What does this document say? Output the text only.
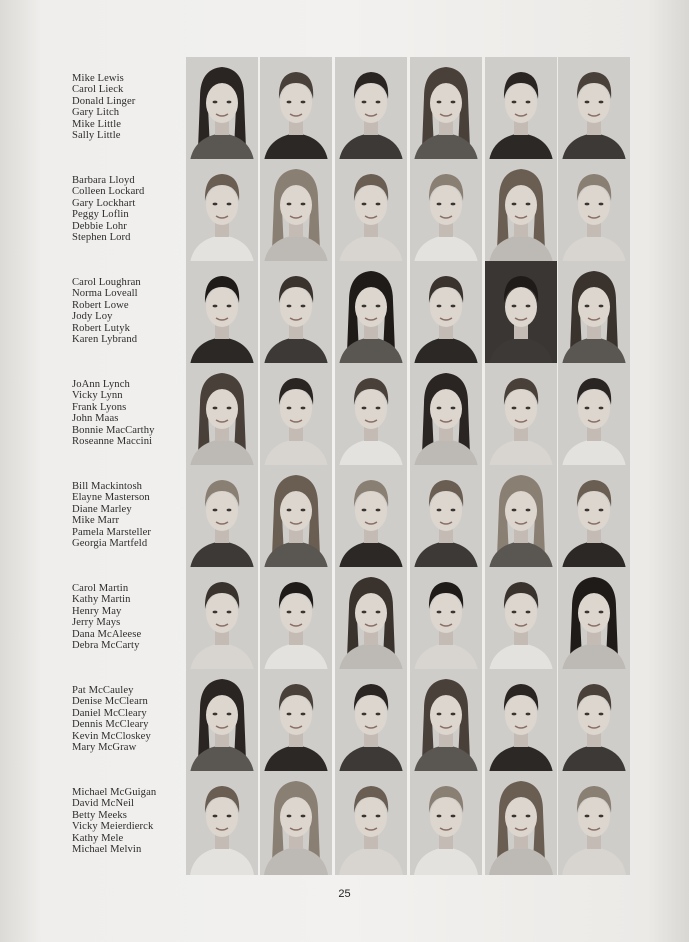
Mike Lewis
Carol Lieck
Donald Linger
Gary Litch
Mike Little
Sally Little
Barbara Lloyd
Colleen Lockard
Gary Lockhart
Peggy Loflin
Debbie Lohr
Stephen Lord
Carol Loughran
Norma Loveall
Robert Lowe
Jody Loy
Robert Lutyk
Karen Lybrand
JoAnn Lynch
Vicky Lynn
Frank Lyons
John Maas
Bonnie MacCarthy
Roseanne Maccini
Bill Mackintosh
Elayne Masterson
Diane Marley
Mike Marr
Pamela Marsteller
Georgia Martfeld
Carol Martin
Kathy Martin
Henry May
Jerry Mays
Dana McAleese
Debra McCarty
Pat McCauley
Denise McClearn
Daniel McCleary
Dennis McCleary
Kevin McCloskey
Mary McGraw
Michael McGuigan
David McNeil
Betty Meeks
Vicky Meierdierck
Kathy Mele
Michael Melvin
25
